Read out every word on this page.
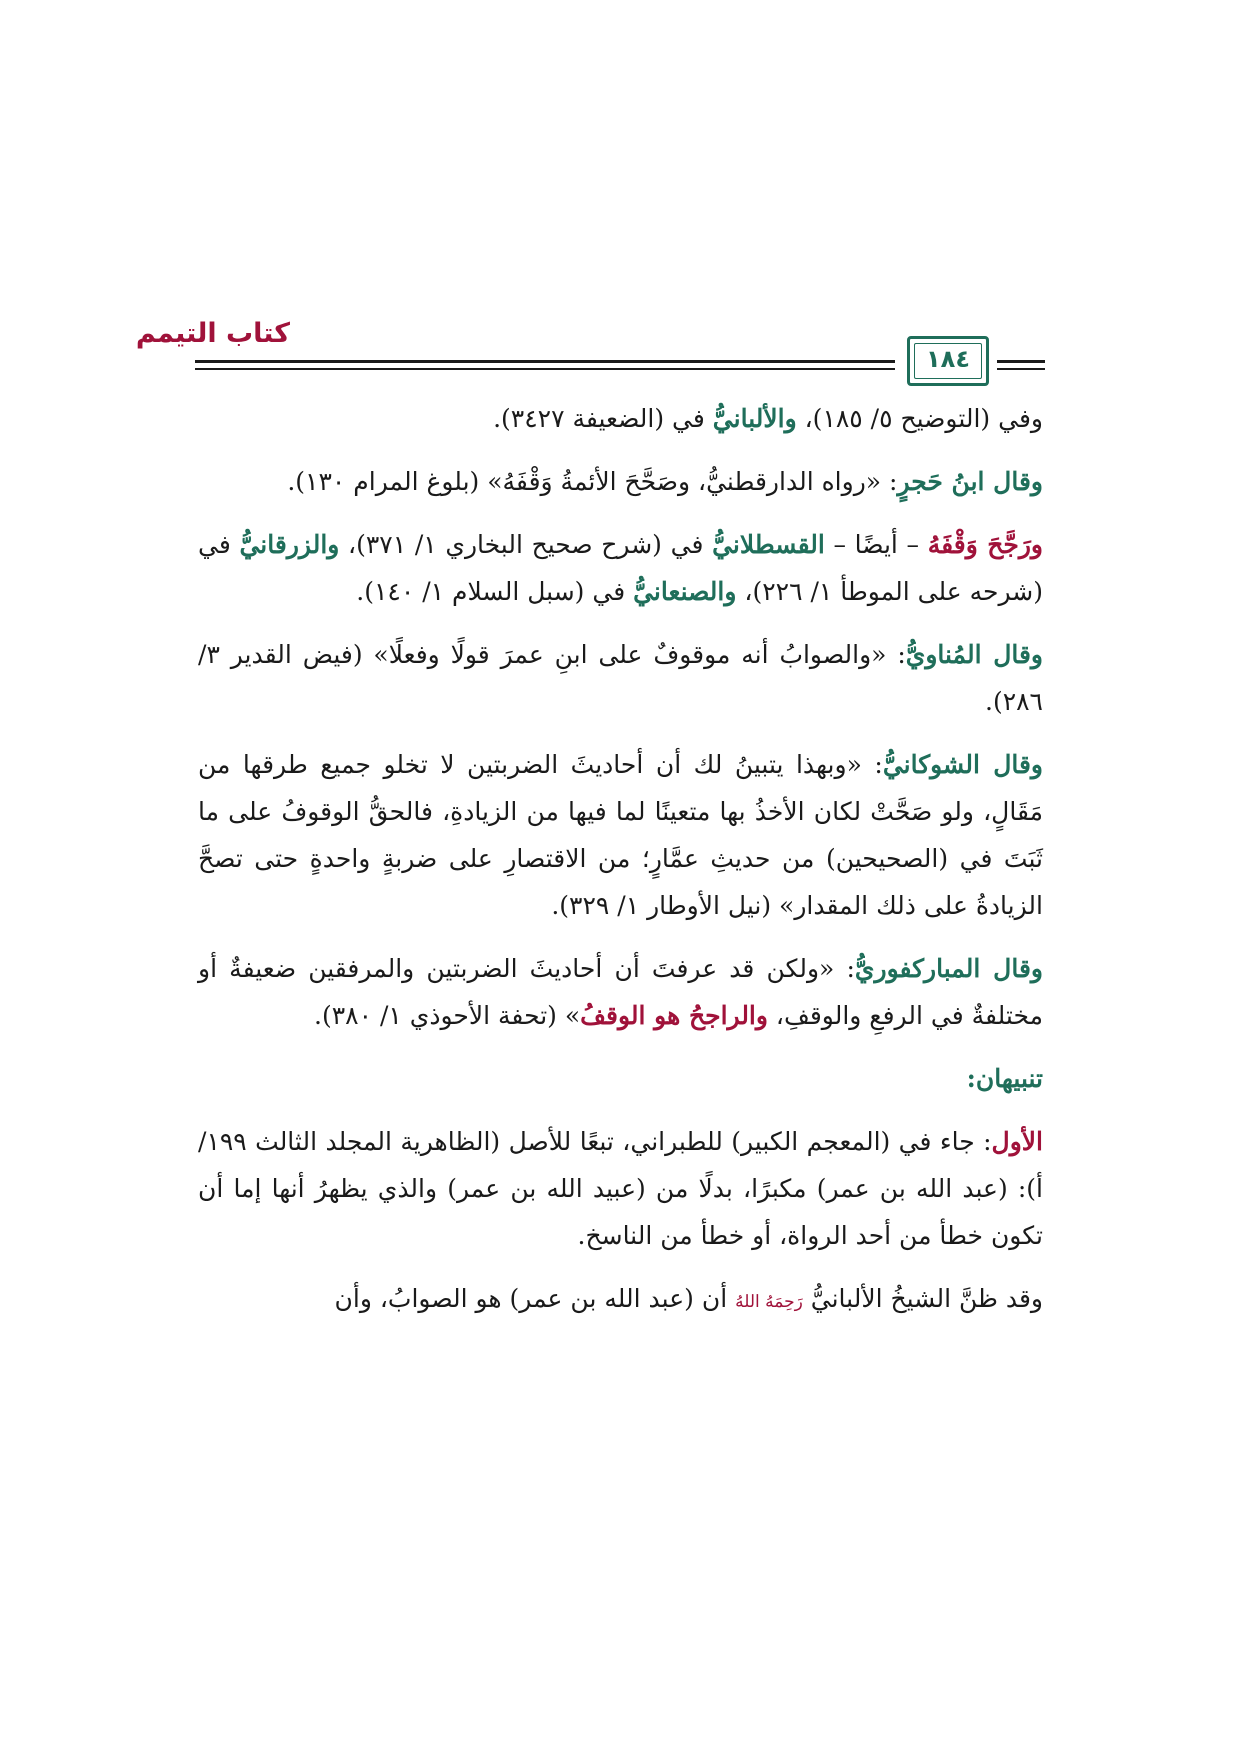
كتاب التيمم
١٨٤

وفي (التوضيح ٥/ ١٨٥)، والألبانيُّ في (الضعيفة ٣٤٢٧).

وقال ابنُ حَجرٍ: «رواه الدارقطنيُّ، وصَحَّحَ الأئمةُ وَقْفَهُ» (بلوغ المرام ١٣٠).

ورَجَّحَ وَقْفَهُ – أيضًا – القسطلانيُّ في (شرح صحيح البخاري ١/ ٣٧١)، والزرقانيُّ في (شرحه على الموطأ ١/ ٢٢٦)، والصنعانيُّ في (سبل السلام ١/ ١٤٠).

وقال المُناويُّ: «والصوابُ أنه موقوفٌ على ابنِ عمرَ قولًا وفعلًا» (فيض القدير ٣/ ٢٨٦).

وقال الشوكانيُّ: «وبهذا يتبينُ لك أن أحاديثَ الضربتين لا تخلو جميع طرقها من مَقَالٍ، ولو صَحَّتْ لكان الأخذُ بها متعينًا لما فيها من الزيادةِ، فالحقُّ الوقوفُ على ما ثَبَتَ في (الصحيحين) من حديثِ عمَّارٍ؛ من الاقتصارِ على ضربةٍ واحدةٍ حتى تصحَّ الزيادةُ على ذلك المقدار» (نيل الأوطار ١/ ٣٢٩).

وقال المباركفوريُّ: «ولكن قد عرفتَ أن أحاديثَ الضربتين والمرفقين ضعيفةٌ أو مختلفةٌ في الرفعِ والوقفِ، والراجحُ هو الوقفُ» (تحفة الأحوذي ١/ ٣٨٠).

تنبيهان:

الأول: جاء في (المعجم الكبير) للطبراني، تبعًا للأصل (الظاهرية المجلد الثالث ١٩٩/ أ): (عبد الله بن عمر) مكبرًا، بدلًا من (عبيد الله بن عمر) والذي يظهرُ أنها إما أن تكون خطأ من أحد الرواة، أو خطأ من الناسخ.

وقد ظنَّ الشيخُ الألبانيُّ رَحِمَهُ اللهُ أن (عبد الله بن عمر) هو الصوابُ، وأن
